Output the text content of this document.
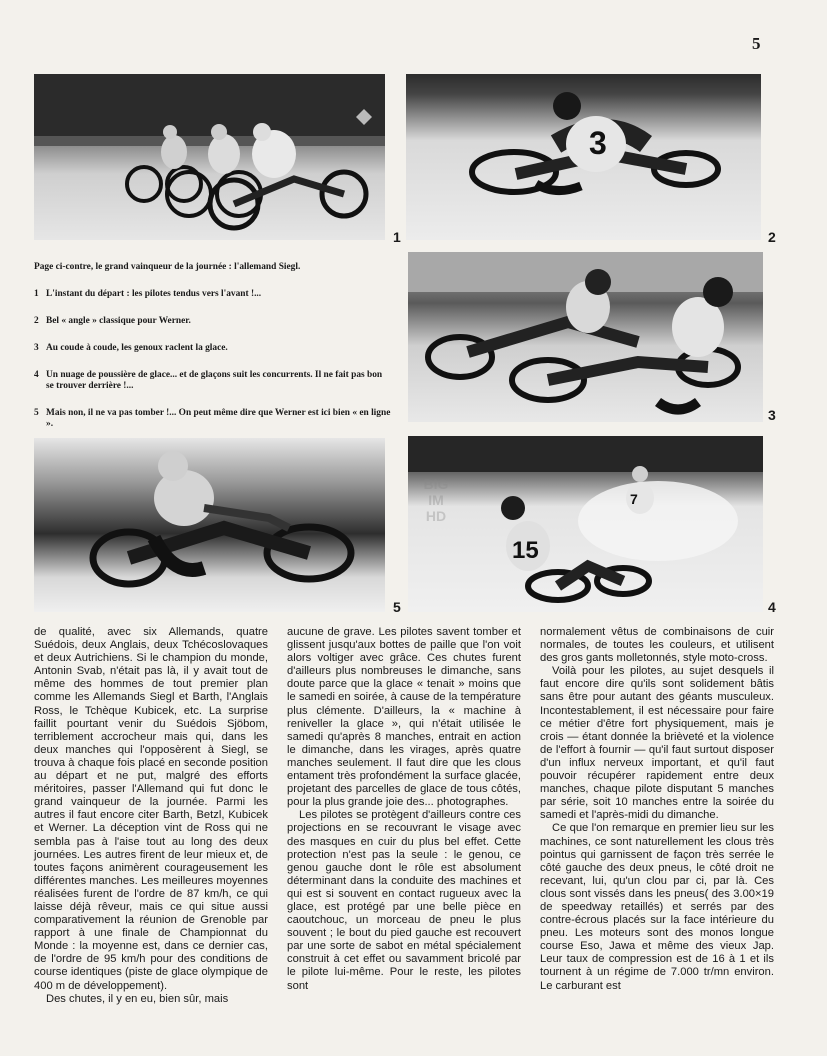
5
1
3
2

Page ci-contre, le grand vainqueur de la journée : l'allemand Siegl.

1 L'instant du départ : les pilotes tendus vers l'avant !...

2 Bel « angle » classique pour Werner.

3 Au coude à coude, les genoux raclent la glace.

4 Un nuage de poussière de glace... et de glaçons suit les concurrents. Il ne fait pas bon se trouver derrière !...

5 Mais non, il ne va pas tomber !... On peut même dire que Werner est ici bien « en ligne ».

3
5
15
7
4
BIG
IM
HD

de qualité, avec six Allemands, quatre Suédois, deux Anglais, deux Tchécoslovaques et deux Autrichiens. Si le champion du monde, Antonin Svab, n'était pas là, il y avait tout de même des hommes de tout premier plan comme les Allemands Siegl et Barth, l'Anglais Ross, le Tchèque Kubicek, etc. La surprise faillit pourtant venir du Suédois Sjöbom, terriblement accrocheur mais qui, dans les deux manches qui l'opposèrent à Siegl, se trouva à chaque fois placé en seconde position au départ et ne put, malgré des efforts méritoires, passer l'Allemand qui fut donc le grand vainqueur de la journée. Parmi les autres il faut encore citer Barth, Betzl, Kubicek et Werner. La déception vint de Ross qui ne sembla pas à l'aise tout au long des deux journées. Les autres firent de leur mieux et, de toutes façons animèrent courageusement les différentes manches. Les meilleures moyennes réalisées furent de l'ordre de 87 km/h, ce qui laisse déjà rêveur, mais ce qui situe aussi comparativement la réunion de Grenoble par rapport à une finale de Championnat du Monde : la moyenne est, dans ce dernier cas, de l'ordre de 95 km/h pour des conditions de course identiques (piste de glace olympique de 400 m de développement).

Des chutes, il y en eu, bien sûr, mais

aucune de grave. Les pilotes savent tomber et glissent jusqu'aux bottes de paille que l'on voit alors voltiger avec grâce. Ces chutes furent d'ailleurs plus nombreuses le dimanche, sans doute parce que la glace « tenait » moins que le samedi en soirée, à cause de la température plus clémente. D'ailleurs, la « machine à reniveller la glace », qui n'était utilisée le samedi qu'après 8 manches, entrait en action le dimanche, dans les virages, après quatre manches seulement. Il faut dire que les clous entament très profondément la surface glacée, projetant des parcelles de glace de tous côtés, pour la plus grande joie des... photographes.

Les pilotes se protègent d'ailleurs contre ces projections en se recouvrant le visage avec des masques en cuir du plus bel effet. Cette protection n'est pas la seule : le genou, ce genou gauche dont le rôle est absolument déterminant dans la conduite des machines et qui est si souvent en contact rugueux avec la glace, est protégé par une belle pièce en caoutchouc, un morceau de pneu le plus souvent ; le bout du pied gauche est recouvert par une sorte de sabot en métal spécialement construit à cet effet ou savamment bricolé par le pilote lui-même. Pour le reste, les pilotes sont

normalement vêtus de combinaisons de cuir normales, de toutes les couleurs, et utilisent des gros gants molletonnés, style moto-cross.

Voilà pour les pilotes, au sujet desquels il faut encore dire qu'ils sont solidement bâtis sans être pour autant des géants musculeux. Incontestablement, il est nécessaire pour faire ce métier d'être fort physiquement, mais je crois — étant donnée la brièveté et la violence de l'effort à fournir — qu'il faut surtout disposer d'un influx nerveux important, et qu'il faut pouvoir récupérer rapidement entre deux manches, chaque pilote disputant 5 manches par série, soit 10 manches entre la soirée du samedi et l'après-midi du dimanche.

Ce que l'on remarque en premier lieu sur les machines, ce sont naturellement les clous très pointus qui garnissent de façon très serrée le côté gauche des deux pneus, le côté droit ne recevant, lui, qu'un clou par ci, par là. Ces clous sont vissés dans les pneus( des 3.00×19 de speedway retaillés) et serrés par des contre-écrous placés sur la face intérieure du pneu. Les moteurs sont des monos longue course Eso, Jawa et même des vieux Jap. Leur taux de compression est de 16 à 1 et ils tournent à un régime de 7.000 tr/mn environ. Le carburant est
